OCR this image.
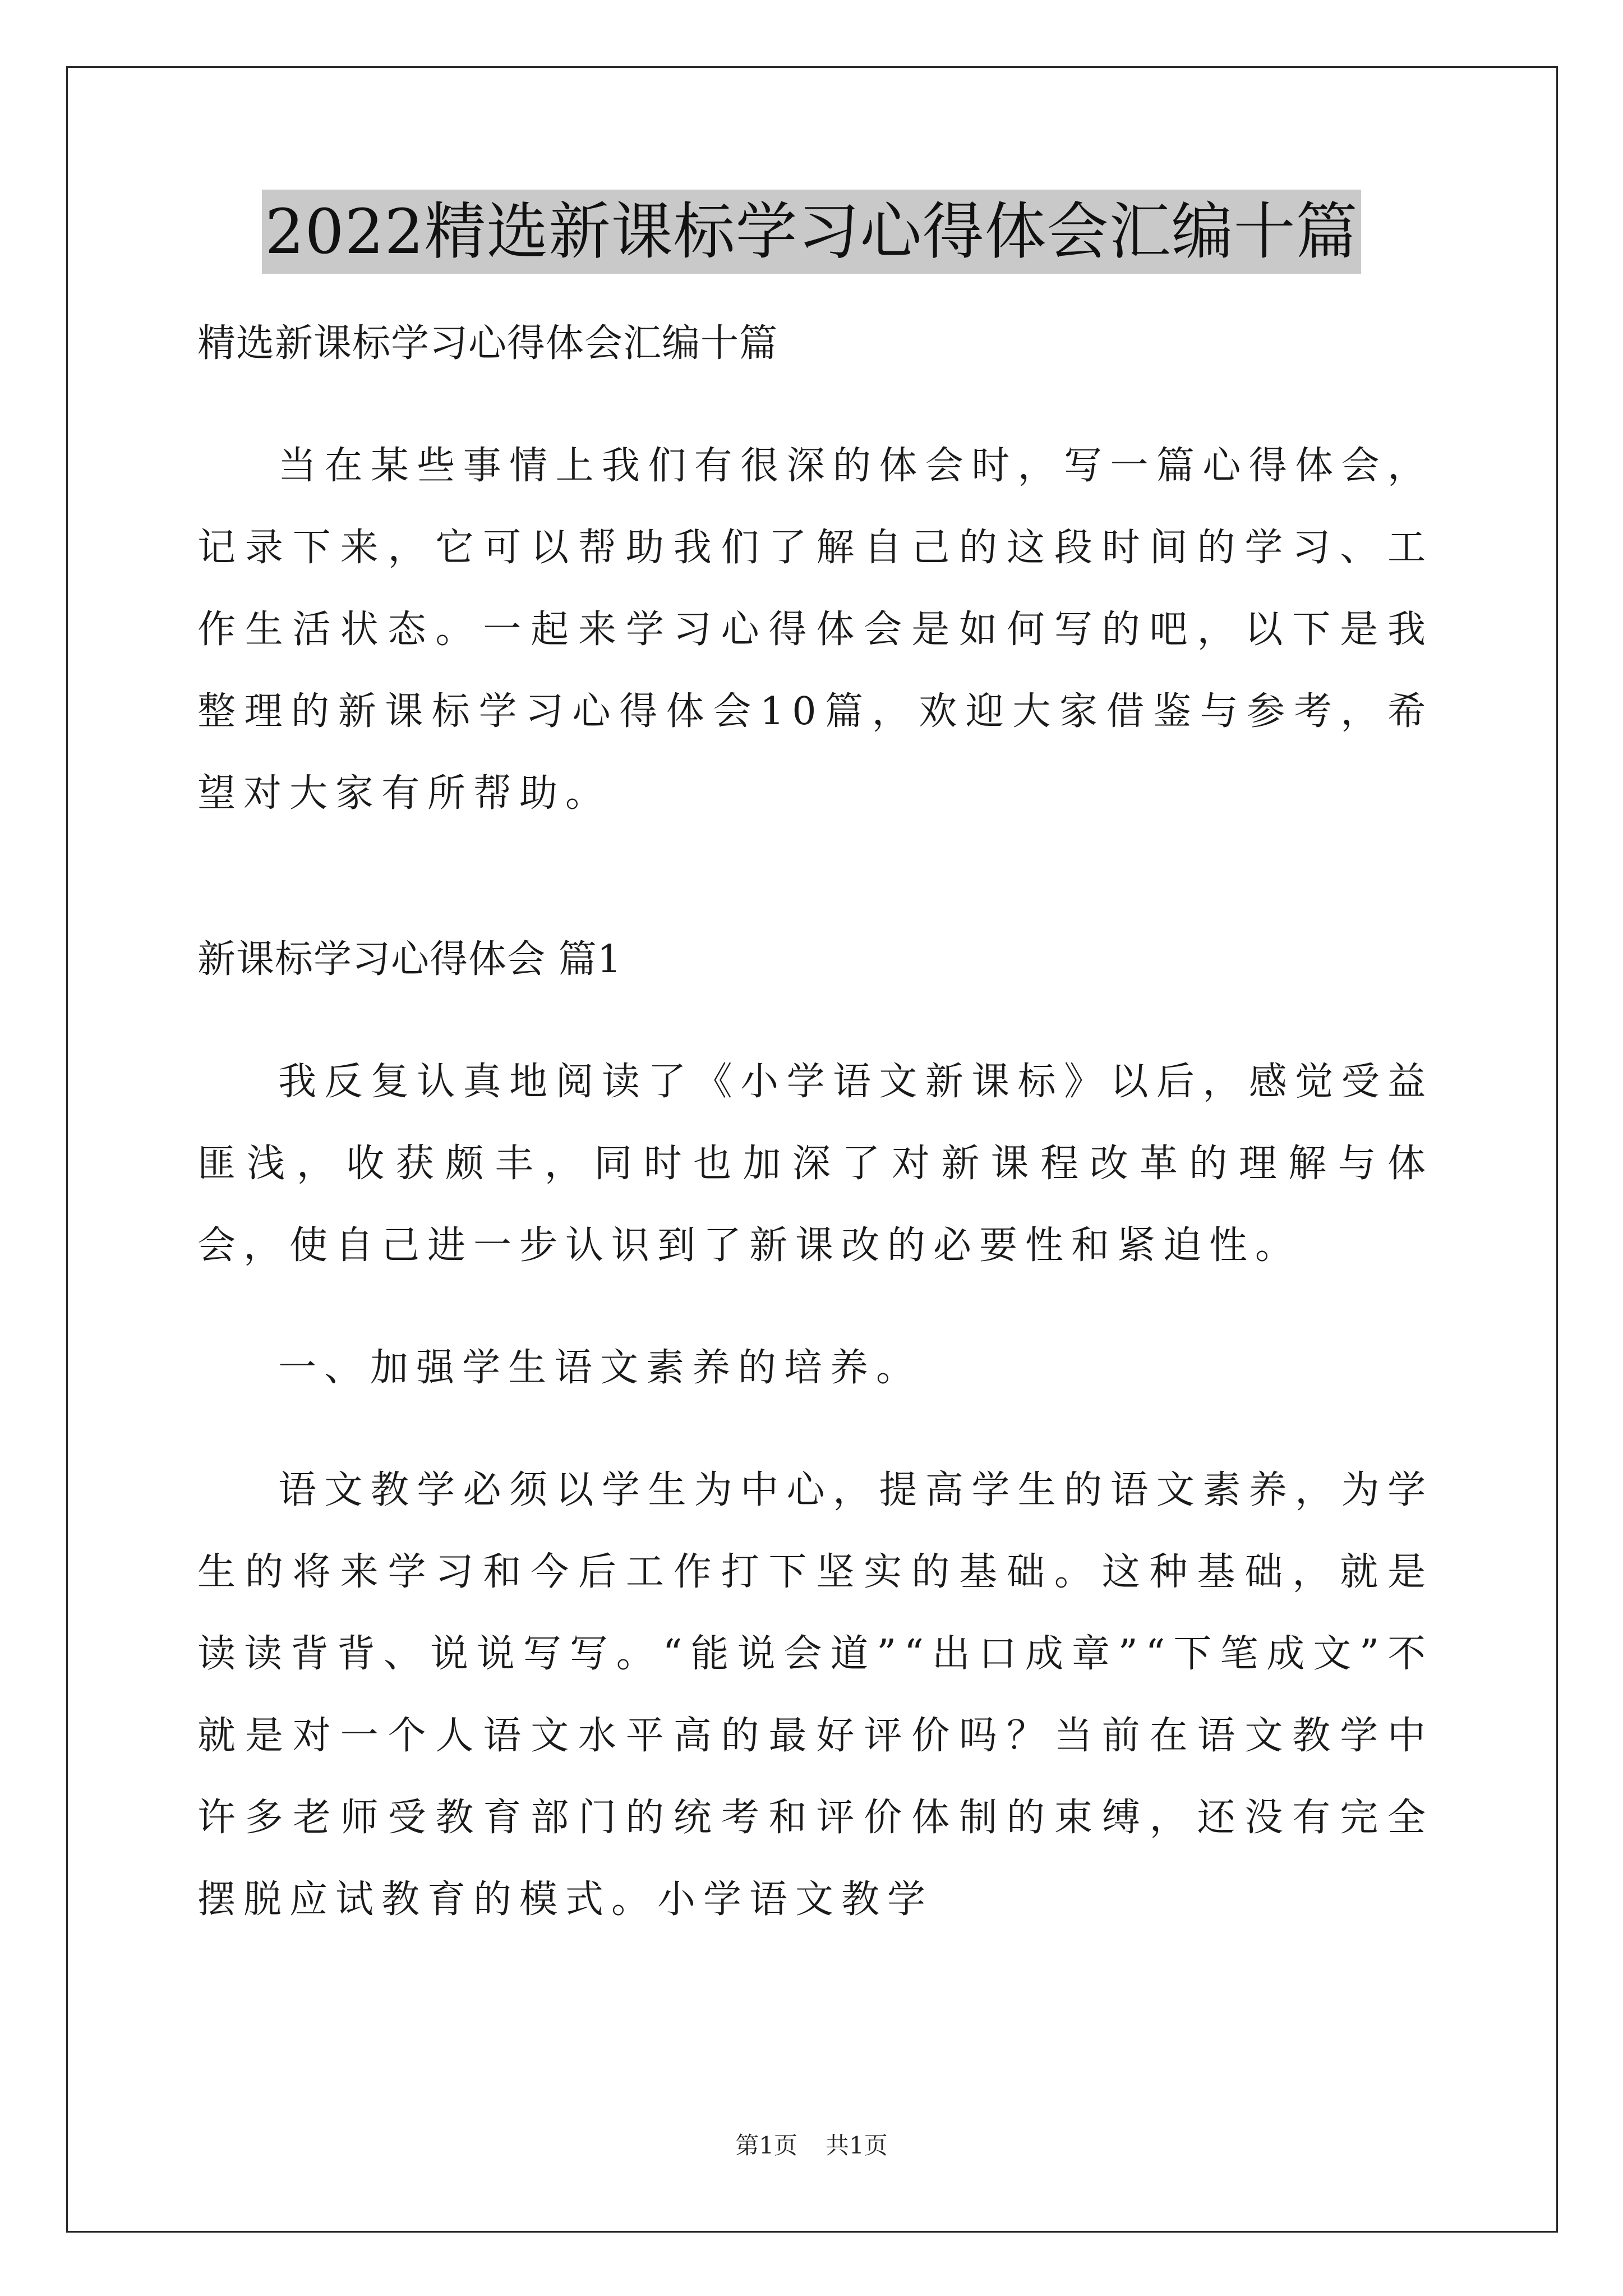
2022精选新课标学习心得体会汇编十篇
精选新课标学习心得体会汇编十篇

当在某些事情上我们有很深的体会时，写一篇心得体会，记录下来，它可以帮助我们了解自己的这段时间的学习、工作生活状态。一起来学习心得体会是如何写的吧，以下是我整理的新课标学习心得体会10篇，欢迎大家借鉴与参考，希望对大家有所帮助。

新课标学习心得体会 篇1

我反复认真地阅读了《小学语文新课标》以后，感觉受益匪浅，收获颇丰，同时也加深了对新课程改革的理解与体会，使自己进一步认识到了新课改的必要性和紧迫性。

一、加强学生语文素养的培养。

语文教学必须以学生为中心，提高学生的语文素养，为学生的将来学习和今后工作打下坚实的基础。这种基础，就是读读背背、说说写写。“能说会道”“出口成章”“下笔成文”不就是对一个人语文水平高的最好评价吗？当前在语文教学中许多老师受教育部门的统考和评价体制的束缚，还没有完全摆脱应试教育的模式。小学语文教学

第1页 共1页
